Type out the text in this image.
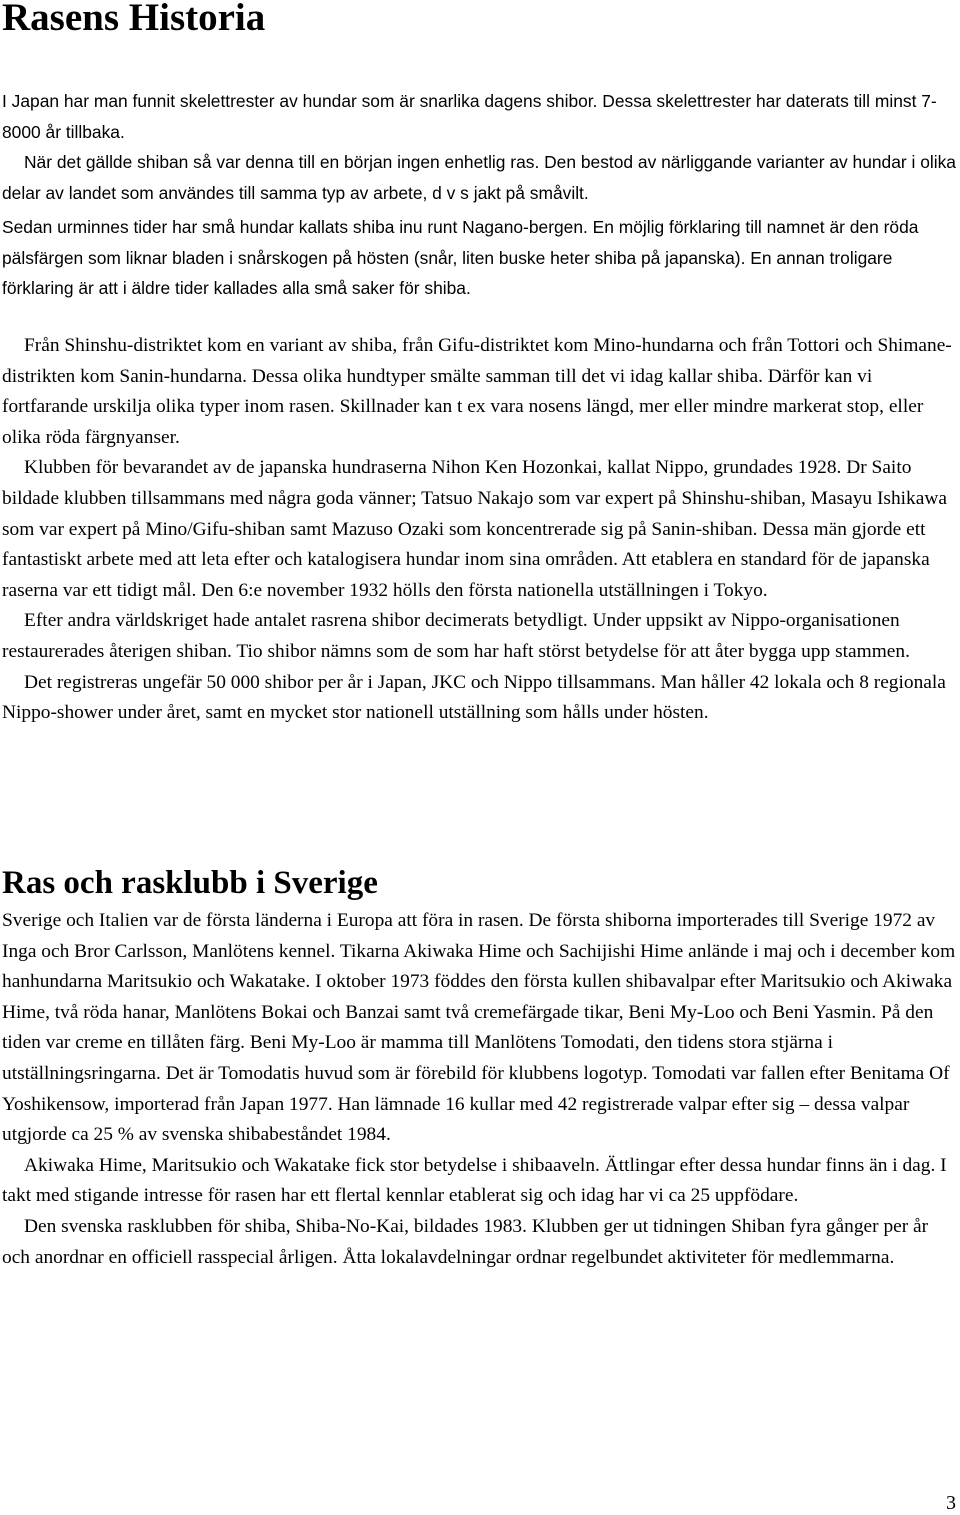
Rasens Historia

I Japan har man funnit skelettrester av hundar som är snarlika dagens shibor. Dessa skelettrester har daterats till minst 7-8000 år tillbaka.

När det gällde shiban så var denna till en början ingen enhetlig ras. Den bestod av närliggande varianter av hundar i olika delar av landet som användes till samma typ av arbete, d v s jakt på småvilt.

Sedan urminnes tider har små hundar kallats shiba inu runt Nagano-bergen. En möjlig förklaring till namnet är den röda pälsfärgen som liknar bladen i snårskogen på hösten (snår, liten buske heter shiba på japanska). En annan troligare förklaring är att i äldre tider kallades alla små saker för shiba.

Från Shinshu-distriktet kom en variant av shiba, från Gifu-distriktet kom Mino-hundarna och från Tottori och Shimane-distrikten kom Sanin-hundarna. Dessa olika hundtyper smälte samman till det vi idag kallar shiba. Därför kan vi fortfarande urskilja olika typer inom rasen. Skillnader kan t ex vara nosens längd, mer eller mindre markerat stop, eller olika röda färgnyanser.

Klubben för bevarandet av de japanska hundraserna Nihon Ken Hozonkai, kallat Nippo, grundades 1928. Dr Saito bildade klubben tillsammans med några goda vänner; Tatsuo Nakajo som var expert på Shinshu-shiban, Masayu Ishikawa som var expert på Mino/Gifu-shiban samt Mazuso Ozaki som koncentrerade sig på Sanin-shiban. Dessa män gjorde ett fantastiskt arbete med att leta efter och katalogisera hundar inom sina områden. Att etablera en standard för de japanska raserna var ett tidigt mål. Den 6:e november 1932 hölls den första nationella utställningen i Tokyo.

Efter andra världskriget hade antalet rasrena shibor decimerats betydligt. Under uppsikt av Nippo-organisationen restaurerades återigen shiban. Tio shibor nämns som de som har haft störst betydelse för att åter bygga upp stammen.

Det registreras ungefär 50 000 shibor per år i Japan, JKC och Nippo tillsammans. Man håller 42 lokala och 8 regionala Nippo-shower under året, samt en mycket stor nationell utställning som hålls under hösten.

Ras och rasklubb i Sverige

Sverige och Italien var de första länderna i Europa att föra in rasen. De första shiborna importerades till Sverige 1972 av Inga och Bror Carlsson, Manlötens kennel. Tikarna Akiwaka Hime och Sachijishi Hime anlände i maj och i december kom hanhundarna Maritsukio och Wakatake. I oktober 1973 föddes den första kullen shibavalpar efter Maritsukio och Akiwaka Hime, två röda hanar, Manlötens Bokai och Banzai samt två cremefärgade tikar, Beni My-Loo och Beni Yasmin. På den tiden var creme en tillåten färg. Beni My-Loo är mamma till Manlötens Tomodati, den tidens stora stjärna i utställningsringarna. Det är Tomodatis huvud som är förebild för klubbens logotyp. Tomodati var fallen efter Benitama Of Yoshikensow, importerad från Japan 1977. Han lämnade 16 kullar med 42 registrerade valpar efter sig – dessa valpar utgjorde ca 25 % av svenska shibabeståndet 1984.

Akiwaka Hime, Maritsukio och Wakatake fick stor betydelse i shibaaveln. Ättlingar efter dessa hundar finns än i dag. I takt med stigande intresse för rasen har ett flertal kennlar etablerat sig och idag har vi ca 25 uppfödare.

Den svenska rasklubben för shiba, Shiba-No-Kai, bildades 1983. Klubben ger ut tidningen Shiban fyra gånger per år och anordnar en officiell rasspecial årligen. Åtta lokalavdelningar ordnar regelbundet aktiviteter för medlemmarna.

3
